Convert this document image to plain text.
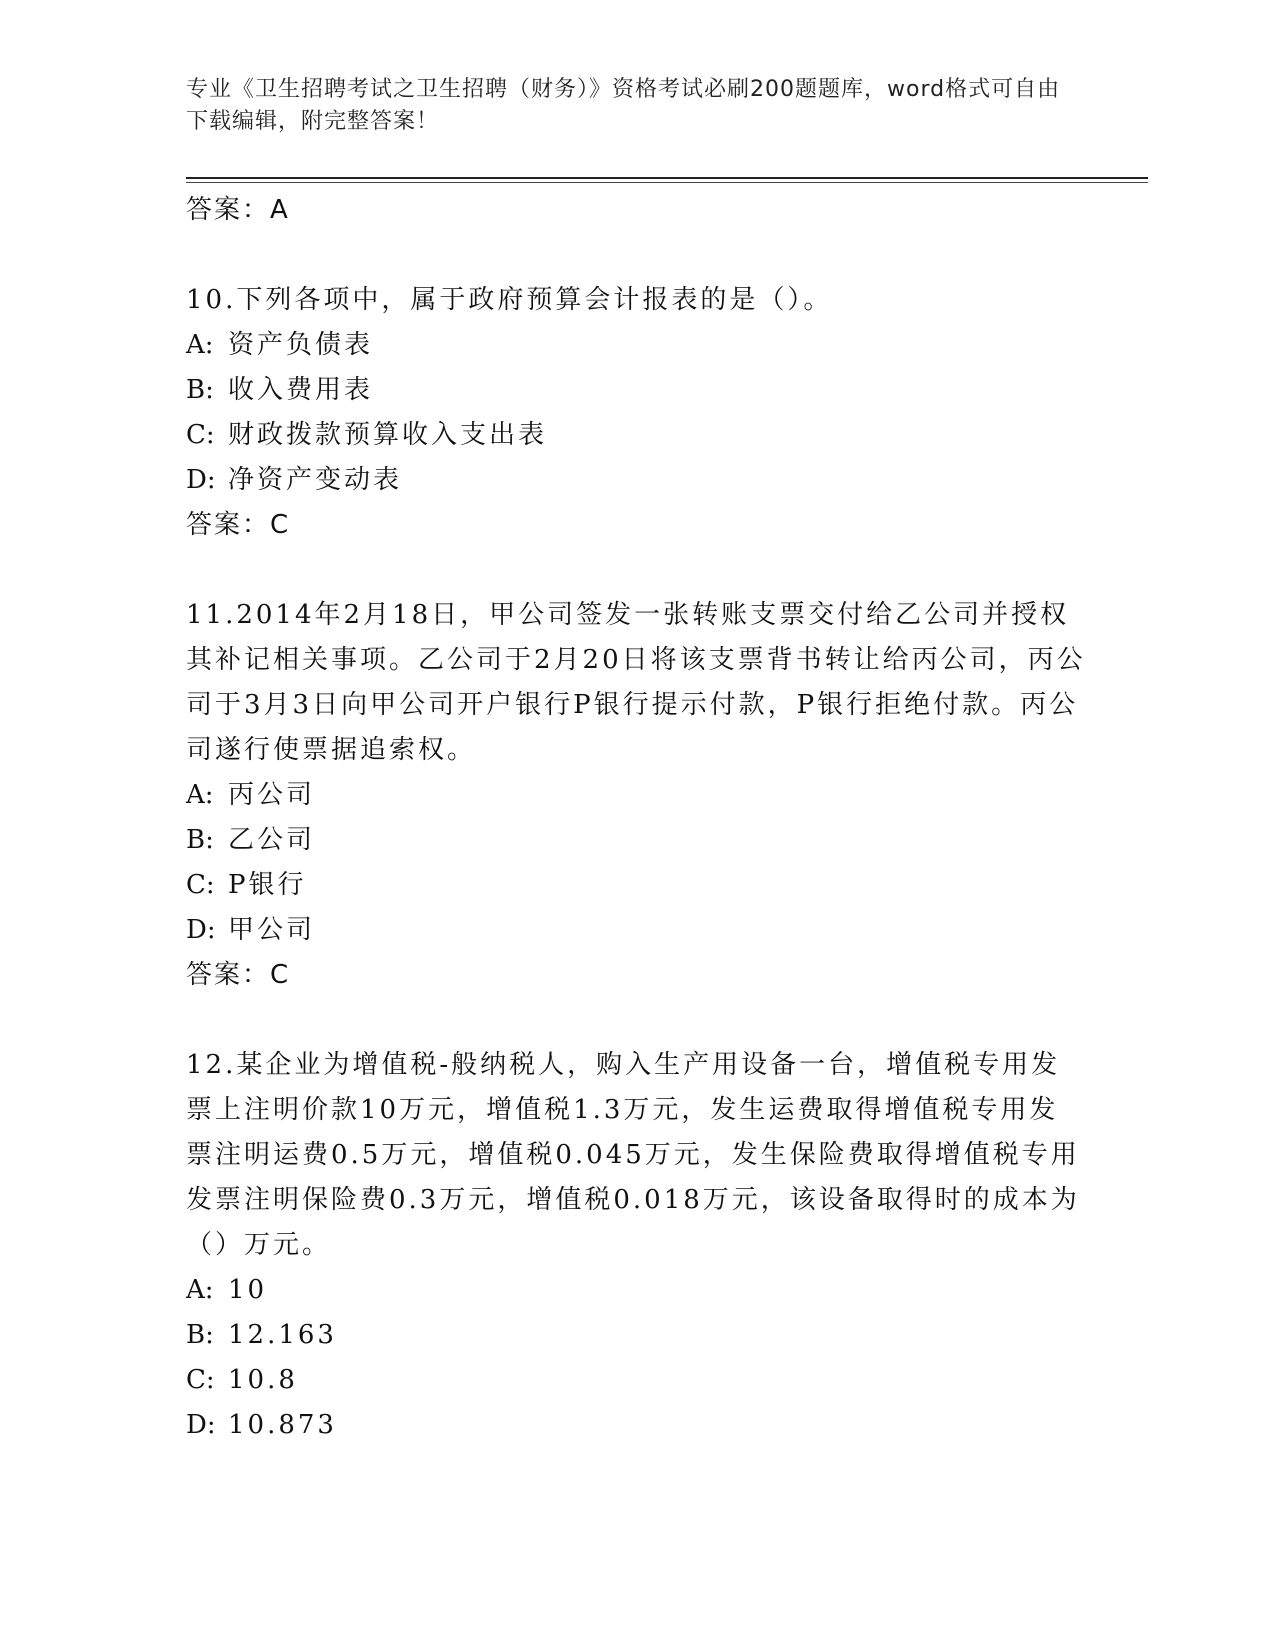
专业《卫生招聘考试之卫生招聘（财务）》资格考试必刷200题题库，word格式可自由下载编辑，附完整答案！
答案：A
10.下列各项中，属于政府预算会计报表的是（）。
A: 资产负债表
B: 收入费用表
C: 财政拨款预算收入支出表
D: 净资产变动表
答案：C
11.2014年2月18日，甲公司签发一张转账支票交付给乙公司并授权其补记相关事项。乙公司于2月20日将该支票背书转让给丙公司，丙公司于3月3日向甲公司开户银行P银行提示付款，P银行拒绝付款。丙公司遂行使票据追索权。
A: 丙公司
B: 乙公司
C: P银行
D: 甲公司
答案：C
12.某企业为增值税-般纳税人，购入生产用设备一台，增值税专用发票上注明价款10万元，增值税1.3万元，发生运费取得增值税专用发票注明运费0.5万元，增值税0.045万元，发生保险费取得增值税专用发票注明保险费0.3万元，增值税0.018万元，该设备取得时的成本为（）万元。
A: 10
B: 12.163
C: 10.8
D: 10.873
